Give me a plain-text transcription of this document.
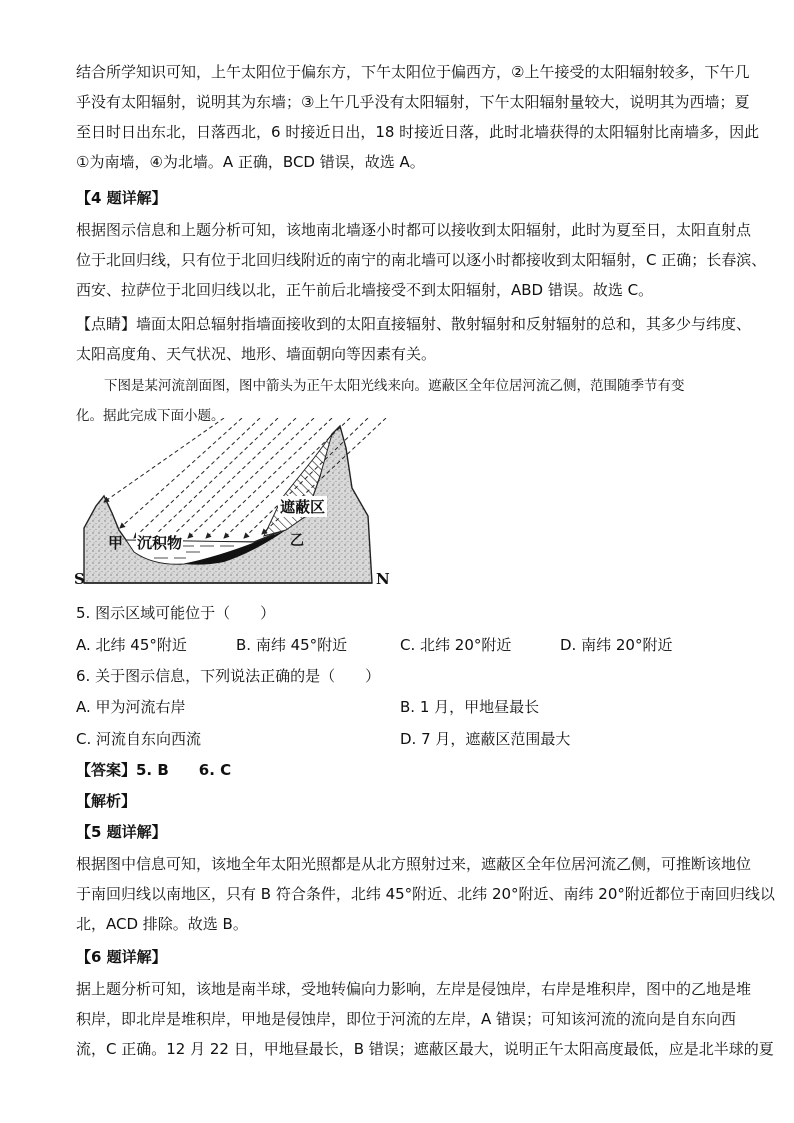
结合所学知识可知，上午太阳位于偏东方，下午太阳位于偏西方，②上午接受的太阳辐射较多，下午几
乎没有太阳辐射，说明其为东墙；③上午几乎没有太阳辐射，下午太阳辐射量较大，说明其为西墙；夏
至日时日出东北，日落西北，6 时接近日出，18 时接近日落，此时北墙获得的太阳辐射比南墙多，因此
①为南墙，④为北墙。A 正确，BCD 错误，故选 A。
【4 题详解】
根据图示信息和上题分析可知，该地南北墙逐小时都可以接收到太阳辐射，此时为夏至日，太阳直射点
位于北回归线，只有位于北回归线附近的南宁的南北墙可以逐小时都接收到太阳辐射，C 正确；长春滨、
西安、拉萨位于北回归线以北，正午前后北墙接受不到太阳辐射，ABD 错误。故选 C。
【点睛】墙面太阳总辐射指墙面接收到的太阳直接辐射、散射辐射和反射辐射的总和，其多少与纬度、
太阳高度角、天气状况、地形、墙面朝向等因素有关。
下图是某河流剖面图，图中箭头为正午太阳光线来向。遮蔽区全年位居河流乙侧，范围随季节有变
化。据此完成下面小题。
遮蔽区
沉积物
甲	乙
S	N
5. 图示区域可能位于（　　）
A. 北纬 45°附近	B. 南纬 45°附近	C. 北纬 20°附近	D. 南纬 20°附近
6. 关于图示信息，下列说法正确的是（　　）
A. 甲为河流右岸	B. 1 月，甲地昼最长
C. 河流自东向西流	D. 7 月，遮蔽区范围最大
【答案】5. B　　6. C
【解析】
【5 题详解】
根据图中信息可知，该地全年太阳光照都是从北方照射过来，遮蔽区全年位居河流乙侧，可推断该地位
于南回归线以南地区，只有 B 符合条件，北纬 45°附近、北纬 20°附近、南纬 20°附近都位于南回归线以
北，ACD 排除。故选 B。
【6 题详解】
据上题分析可知，该地是南半球，受地转偏向力影响，左岸是侵蚀岸，右岸是堆积岸，图中的乙地是堆
积岸，即北岸是堆积岸，甲地是侵蚀岸，即位于河流的左岸，A 错误；可知该河流的流向是自东向西
流，C 正确。12 月 22 日，甲地昼最长，B 错误；遮蔽区最大，说明正午太阳高度最低，应是北半球的夏
